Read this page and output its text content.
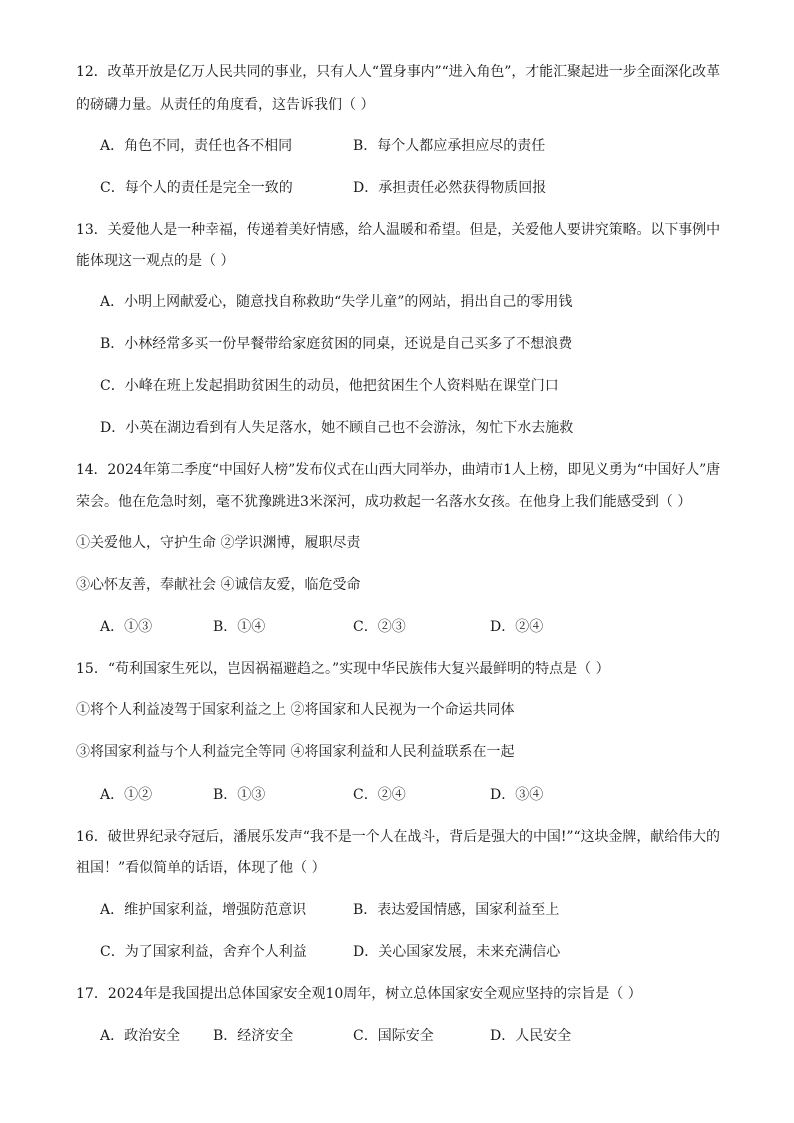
12．改革开放是亿万人民共同的事业，只有人人“置身事内”“进入角色”，才能汇聚起进一步全面深化改革
的磅礴力量。从责任的角度看，这告诉我们（ ）
A．角色不同，责任也各不相同	B．每个人都应承担应尽的责任
C．每个人的责任是完全一致的	D．承担责任必然获得物质回报
13．关爱他人是一种幸福，传递着美好情感，给人温暖和希望。但是，关爱他人要讲究策略。以下事例中
能体现这一观点的是（ ）
A．小明上网献爱心，随意找自称救助“失学儿童”的网站，捐出自己的零用钱
B．小林经常多买一份早餐带给家庭贫困的同桌，还说是自己买多了不想浪费
C．小峰在班上发起捐助贫困生的动员，他把贫困生个人资料贴在课堂门口
D．小英在湖边看到有人失足落水，她不顾自己也不会游泳，匆忙下水去施救
14．2024年第二季度“中国好人榜”发布仪式在山西大同举办，曲靖市1人上榜，即见义勇为“中国好人”唐
荣会。他在危急时刻，毫不犹豫跳进3米深河，成功救起一名落水女孩。在他身上我们能感受到（ ）
①关爱他人，守护生命 ②学识渊博，履职尽责
③心怀友善，奉献社会 ④诚信友爱，临危受命
A．①③	B．①④	C．②③	D．②④
15．“苟利国家生死以，岂因祸福避趋之。”实现中华民族伟大复兴最鲜明的特点是（ ）
①将个人利益凌驾于国家利益之上 ②将国家和人民视为一个命运共同体
③将国家利益与个人利益完全等同 ④将国家利益和人民利益联系在一起
A．①②	B．①③	C．②④	D．③④
16．破世界纪录夺冠后，潘展乐发声“我不是一个人在战斗，背后是强大的中国!”“这块金牌，献给伟大的
祖国！”看似简单的话语，体现了他（ ）
A．维护国家利益，增强防范意识	B．表达爱国情感，国家利益至上
C．为了国家利益，舍弃个人利益	D．关心国家发展，未来充满信心
17．2024年是我国提出总体国家安全观10周年，树立总体国家安全观应坚持的宗旨是（ ）
A．政治安全 B．经济安全	C．国际安全	D．人民安全
